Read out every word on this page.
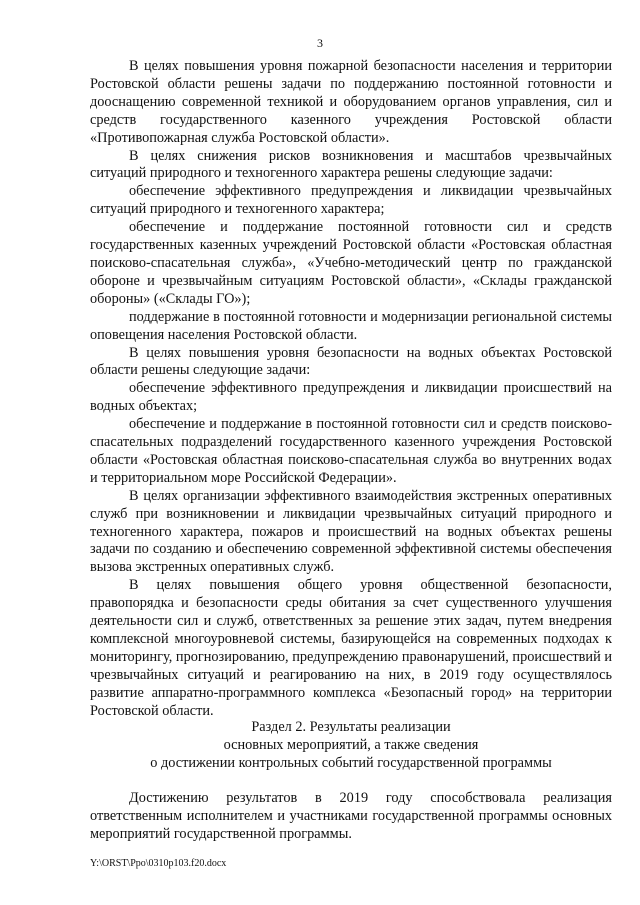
3

В целях повышения уровня пожарной безопасности населения и территории Ростовской области решены задачи по поддержанию постоянной готовности и дооснащению современной техникой и оборудованием органов управления, сил и средств государственного казенного учреждения Ростовской области «Противопожарная служба Ростовской области».

В целях снижения рисков возникновения и масштабов чрезвычайных ситуаций природного и техногенного характера решены следующие задачи:

обеспечение эффективного предупреждения и ликвидации чрезвычайных ситуаций природного и техногенного характера;

обеспечение и поддержание постоянной готовности сил и средств государственных казенных учреждений Ростовской области «Ростовская областная поисково-спасательная служба», «Учебно-методический центр по гражданской обороне и чрезвычайным ситуациям Ростовской области», «Склады гражданской обороны» («Склады ГО»);

поддержание в постоянной готовности и модернизации региональной системы оповещения населения Ростовской области.

В целях повышения уровня безопасности на водных объектах Ростовской области решены следующие задачи:

обеспечение эффективного предупреждения и ликвидации происшествий на водных объектах;

обеспечение и поддержание в постоянной готовности сил и средств поисково-спасательных подразделений государственного казенного учреждения Ростовской области «Ростовская областная поисково-спасательная служба во внутренних водах и территориальном море Российской Федерации».

В целях организации эффективного взаимодействия экстренных оперативных служб при возникновении и ликвидации чрезвычайных ситуаций природного и техногенного характера, пожаров и происшествий на водных объектах решены задачи по созданию и обеспечению современной эффективной системы обеспечения вызова экстренных оперативных служб.

В целях повышения общего уровня общественной безопасности, правопорядка и безопасности среды обитания за счет существенного улучшения деятельности сил и служб, ответственных за решение этих задач, путем внедрения комплексной многоуровневой системы, базирующейся на современных подходах к мониторингу, прогнозированию, предупреждению правонарушений, происшествий и чрезвычайных ситуаций и реагированию на них, в 2019 году осуществлялось развитие аппаратно-программного комплекса «Безопасный город» на территории Ростовской области.

Раздел 2. Результаты реализации
основных мероприятий, а также сведения
о достижении контрольных событий государственной программы

Достижению результатов в 2019 году способствовала реализация ответственным исполнителем и участниками государственной программы основных мероприятий государственной программы.

Y:\ORST\Ppo\0310p103.f20.docx
